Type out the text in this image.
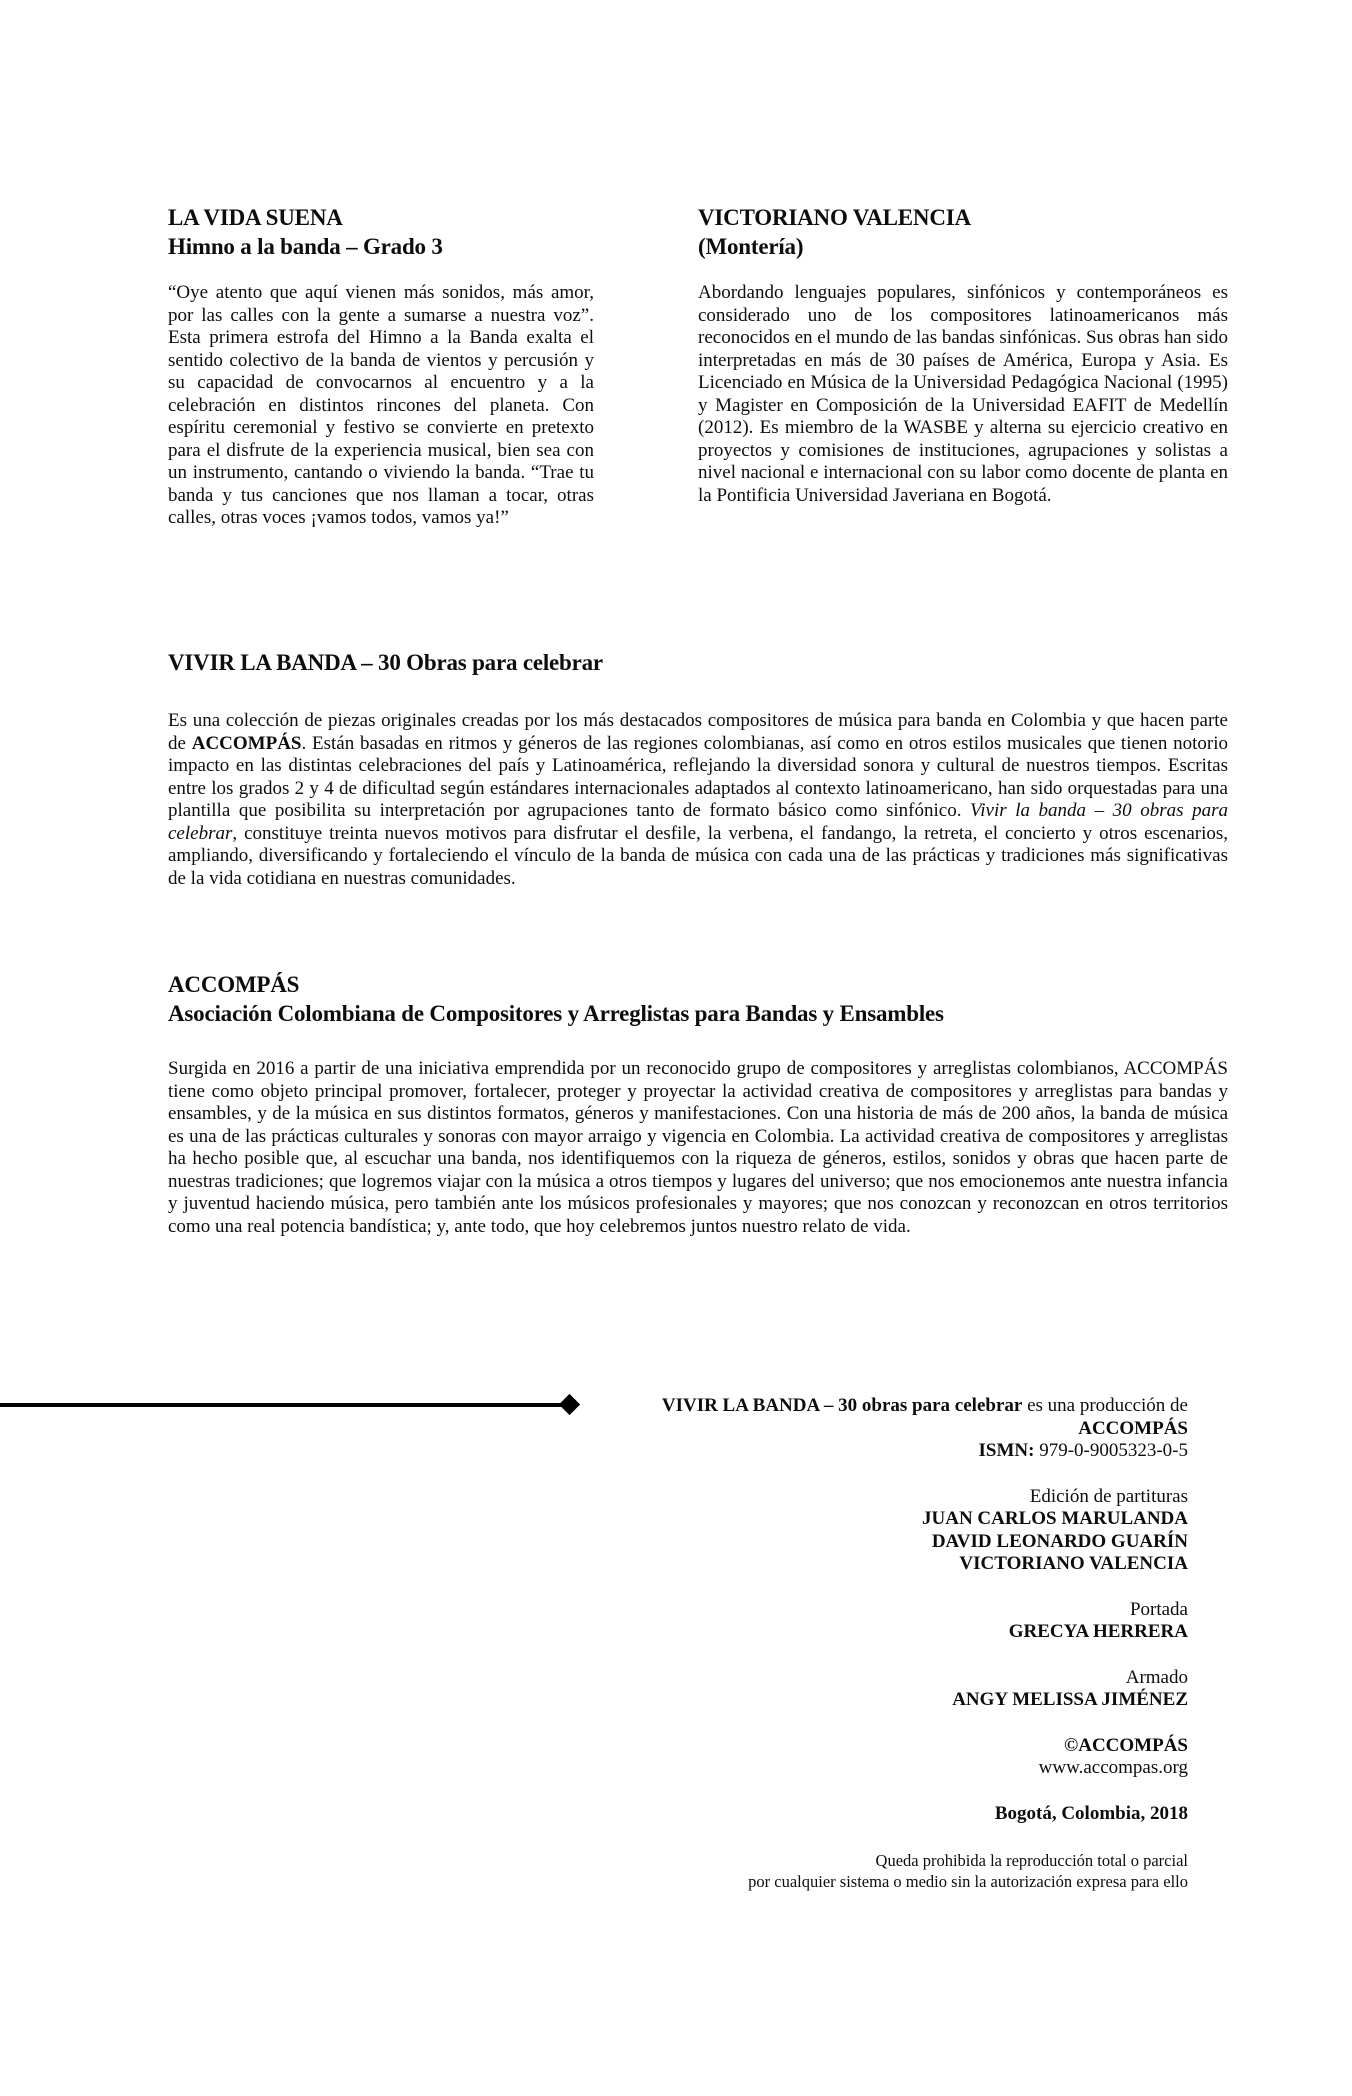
LA VIDA SUENA
Himno a la banda – Grado 3

“Oye atento que aquí vienen más sonidos, más amor, por las calles con la gente a sumarse a nuestra voz”. Esta primera estrofa del Himno a la Banda exalta el sentido colectivo de la banda de vientos y percusión y su capacidad de convocarnos al encuentro y a la celebración en distintos rincones del planeta. Con espíritu ceremonial y festivo se convierte en pretexto para el disfrute de la experiencia musical, bien sea con un instrumento, cantando o viviendo la banda. “Trae tu banda y tus canciones que nos llaman a tocar, otras calles, otras voces ¡vamos todos, vamos ya!”

VICTORIANO VALENCIA
(Montería)

Abordando lenguajes populares, sinfónicos y contemporáneos es considerado uno de los compositores latinoamericanos más reconocidos en el mundo de las bandas sinfónicas. Sus obras han sido interpretadas en más de 30 países de América, Europa y Asia. Es Licenciado en Música de la Universidad Pedagógica Nacional (1995) y Magister en Composición de la Universidad EAFIT de Medellín (2012). Es miembro de la WASBE y alterna su ejercicio creativo en proyectos y comisiones de instituciones, agrupaciones y solistas a nivel nacional e internacional con su labor como docente de planta en la Pontificia Universidad Javeriana en Bogotá.

VIVIR LA BANDA – 30 Obras para celebrar

Es una colección de piezas originales creadas por los más destacados compositores de música para banda en Colombia y que hacen parte de ACCOMPÁS. Están basadas en ritmos y géneros de las regiones colombianas, así como en otros estilos musicales que tienen notorio impacto en las distintas celebraciones del país y Latinoamérica, reflejando la diversidad sonora y cultural de nuestros tiempos. Escritas entre los grados 2 y 4 de dificultad según estándares internacionales adaptados al contexto latinoamericano, han sido orquestadas para una plantilla que posibilita su interpretación por agrupaciones tanto de formato básico como sinfónico. Vivir la banda – 30 obras para celebrar, constituye treinta nuevos motivos para disfrutar el desfile, la verbena, el fandango, la retreta, el concierto y otros escenarios, ampliando, diversificando y fortaleciendo el vínculo de la banda de música con cada una de las prácticas y tradiciones más significativas de la vida cotidiana en nuestras comunidades.

ACCOMPÁS
Asociación Colombiana de Compositores y Arreglistas para Bandas y Ensambles

Surgida en 2016 a partir de una iniciativa emprendida por un reconocido grupo de compositores y arreglistas colombianos, ACCOMPÁS tiene como objeto principal promover, fortalecer, proteger y proyectar la actividad creativa de compositores y arreglistas para bandas y ensambles, y de la música en sus distintos formatos, géneros y manifestaciones. Con una historia de más de 200 años, la banda de música es una de las prácticas culturales y sonoras con mayor arraigo y vigencia en Colombia. La actividad creativa de compositores y arreglistas ha hecho posible que, al escuchar una banda, nos identifiquemos con la riqueza de géneros, estilos, sonidos y obras que hacen parte de nuestras tradiciones; que logremos viajar con la música a otros tiempos y lugares del universo; que nos emocionemos ante nuestra infancia y juventud haciendo música, pero también ante los músicos profesionales y mayores; que nos conozcan y reconozcan en otros territorios como una real potencia bandística; y, ante todo, que hoy celebremos juntos nuestro relato de vida.

VIVIR LA BANDA – 30 obras para celebrar es una producción de
ACCOMPÁS
ISMN: 979-0-9005323-0-5
Edición de partituras
JUAN CARLOS MARULANDA
DAVID LEONARDO GUARÍN
VICTORIANO VALENCIA
Portada
GRECYA HERRERA
Armado
ANGY MELISSA JIMÉNEZ
©ACCOMPÁS
www.accompas.org
Bogotá, Colombia, 2018
Queda prohibida la reproducción total o parcial
por cualquier sistema o medio sin la autorización expresa para ello
